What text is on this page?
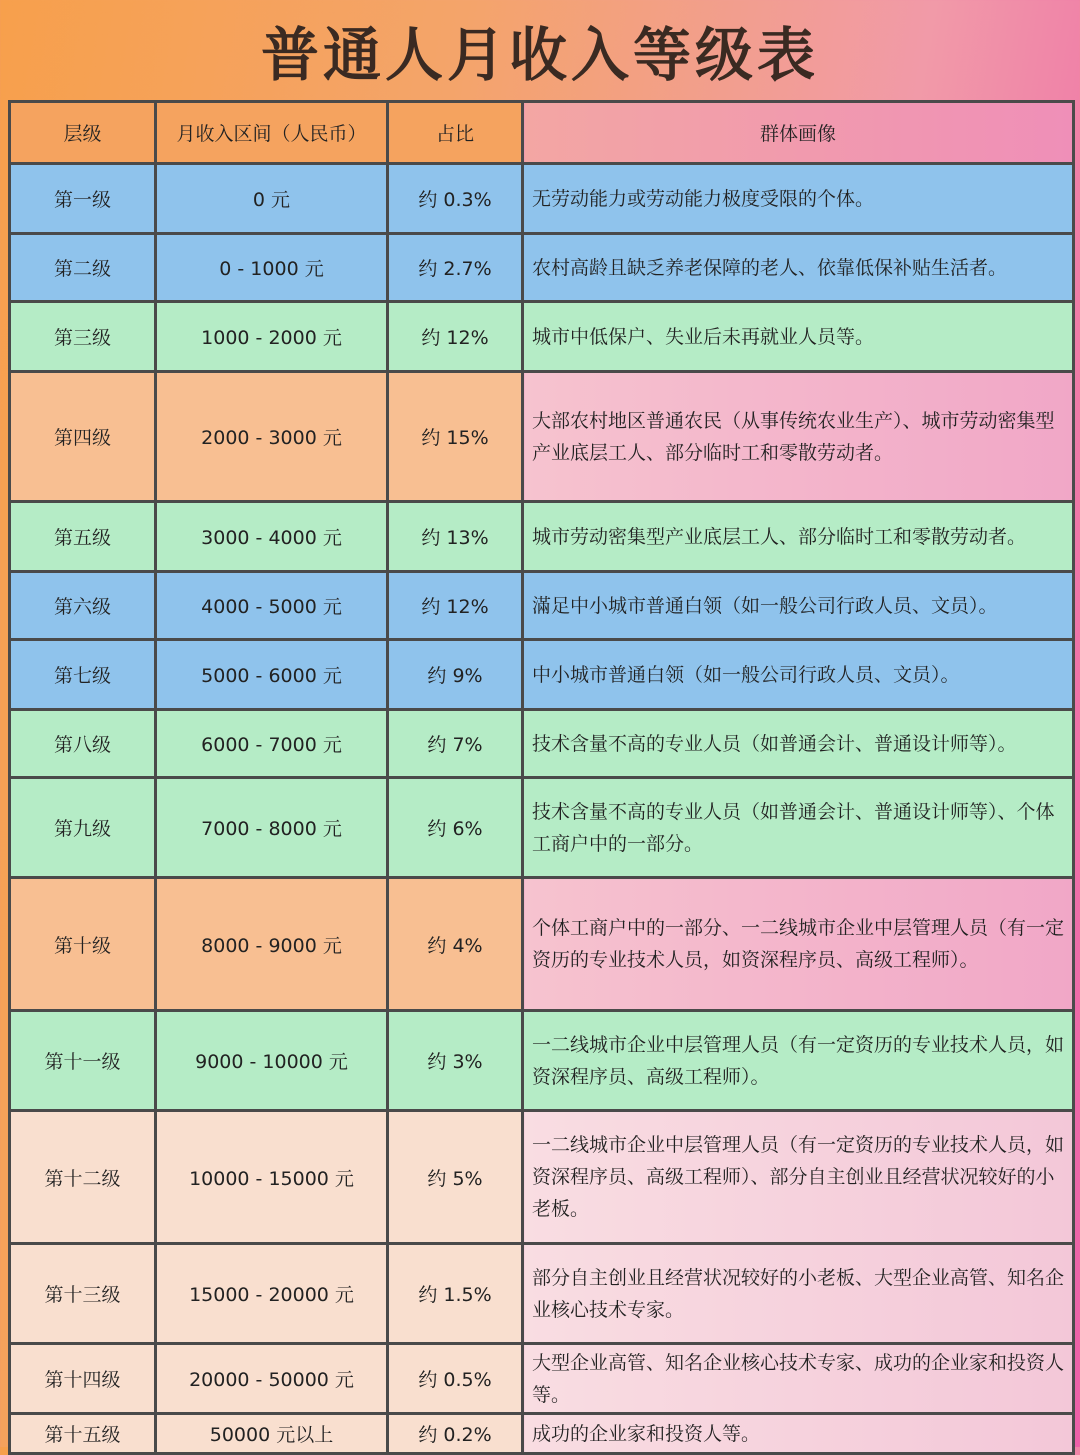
普通人月收入等级表
层级	月收入区间（人民币）	占比	群体画像
第一级	0 元	约 0.3%	无劳动能力或劳动能力极度受限的个体。
第二级	0 - 1000 元	约 2.7%	农村高龄且缺乏养老保障的老人、依靠低保补贴生活者。
第三级	1000 - 2000 元	约 12%	城市中低保户、失业后未再就业人员等。
第四级	2000 - 3000 元	约 15%	大部农村地区普通农民（从事传统农业生产）、城市劳动密集型产业底层工人、部分临时工和零散劳动者。
第五级	3000 - 4000 元	约 13%	城市劳动密集型产业底层工人、部分临时工和零散劳动者。
第六级	4000 - 5000 元	约 12%	滿足中小城市普通白领（如一般公司行政人员、文员）。
第七级	5000 - 6000 元	约 9%	中小城市普通白领（如一般公司行政人员、文员）。
第八级	6000 - 7000 元	约 7%	技术含量不高的专业人员（如普通会计、普通设计师等）。
第九级	7000 - 8000 元	约 6%	技术含量不高的专业人员（如普通会计、普通设计师等）、个体工商户中的一部分。
第十级	8000 - 9000 元	约 4%	个体工商户中的一部分、一二线城市企业中层管理人员（有一定资历的专业技术人员，如资深程序员、高级工程师）。
第十一级	9000 - 10000 元	约 3%	一二线城市企业中层管理人员（有一定资历的专业技术人员，如资深程序员、高级工程师）。
第十二级	10000 - 15000 元	约 5%	一二线城市企业中层管理人员（有一定资历的专业技术人员，如资深程序员、高级工程师）、部分自主创业且经营状况较好的小老板。
第十三级	15000 - 20000 元	约 1.5%	部分自主创业且经营状况较好的小老板、大型企业高管、知名企业核心技术专家。
第十四级	20000 - 50000 元	约 0.5%	大型企业高管、知名企业核心技术专家、成功的企业家和投资人等。
第十五级	50000 元以上	约 0.2%	成功的企业家和投资人等。
